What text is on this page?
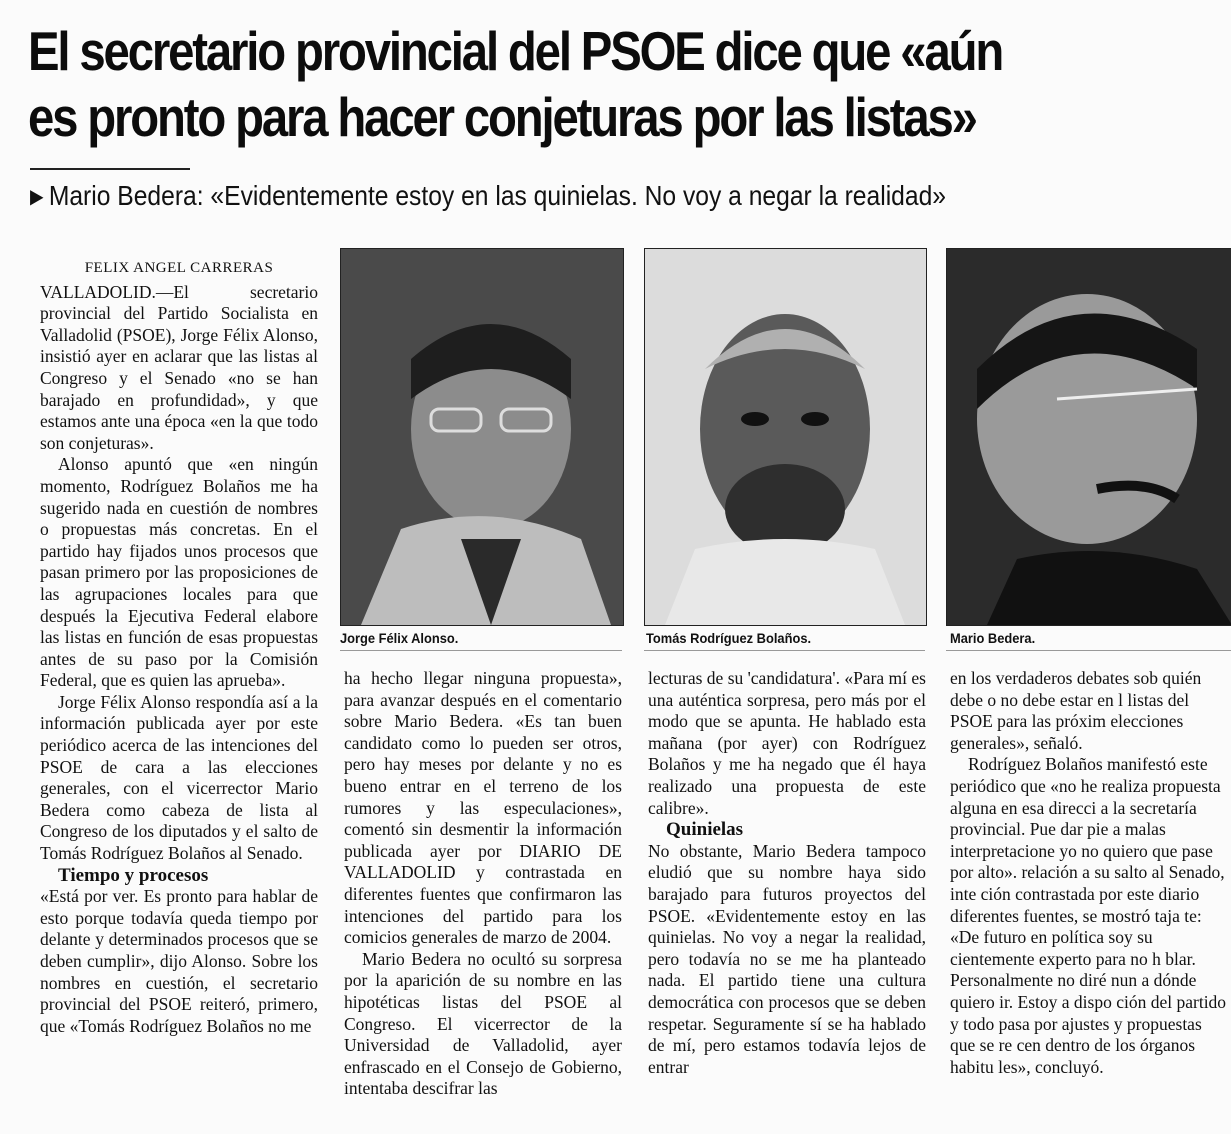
El secretario provincial del PSOE dice que «aún
es pronto para hacer conjeturas por las listas»
▶ Mario Bedera: «Evidentemente estoy en las quinielas. No voy a negar la realidad»
FELIX ANGEL CARRERAS

VALLADOLID.—El secretario provincial del Partido Socialista en Valladolid (PSOE), Jorge Félix Alonso, insistió ayer en aclarar que las listas al Congreso y el Senado «no se han barajado en profundidad», y que estamos ante una época «en la que todo son conjeturas».

Alonso apuntó que «en ningún momento, Rodríguez Bolaños me ha sugerido nada en cuestión de nombres o propuestas más concretas. En el partido hay fijados unos procesos que pasan primero por las proposiciones de las agrupaciones locales para que después la Ejecutiva Federal elabore las listas en función de esas propuestas antes de su paso por la Comisión Federal, que es quien las aprueba».

Jorge Félix Alonso respondía así a la información publicada ayer por este periódico acerca de las intenciones del PSOE de cara a las elecciones generales, con el vicerrector Mario Bedera como cabeza de lista al Congreso de los diputados y el salto de Tomás Rodríguez Bolaños al Senado.

Tiempo y procesos

«Está por ver. Es pronto para hablar de esto porque todavía queda tiempo por delante y determinados procesos que se deben cumplir», dijo Alonso. Sobre los nombres en cuestión, el secretario provincial del PSOE reiteró, primero, que «Tomás Rodríguez Bolaños no me

Jorge Félix Alonso.	Tomás Rodríguez Bolaños.	Mario Bedera.

ha hecho llegar ninguna propuesta», para avanzar después en el comentario sobre Mario Bedera. «Es tan buen candidato como lo pueden ser otros, pero hay meses por delante y no es bueno entrar en el terreno de los rumores y las especulaciones», comentó sin desmentir la información publicada ayer por DIARIO DE VALLADOLID y contrastada en diferentes fuentes que confirmaron las intenciones del partido para los comicios generales de marzo de 2004.

Mario Bedera no ocultó su sorpresa por la aparición de su nombre en las hipotéticas listas del PSOE al Congreso. El vicerrector de la Universidad de Valladolid, ayer enfrascado en el Consejo de Gobierno, intentaba descifrar las

lecturas de su 'candidatura'. «Para mí es una auténtica sorpresa, pero más por el modo que se apunta. He hablado esta mañana (por ayer) con Rodríguez Bolaños y me ha negado que él haya realizado una propuesta de este calibre».

Quinielas

No obstante, Mario Bedera tampoco eludió que su nombre haya sido barajado para futuros proyectos del PSOE. «Evidentemente estoy en las quinielas. No voy a negar la realidad, pero todavía no se me ha planteado nada. El partido tiene una cultura democrática con procesos que se deben respetar. Seguramente sí se ha hablado de mí, pero estamos todavía lejos de entrar

en los verdaderos debates sob quién debe o no debe estar en l listas del PSOE para las próxim elecciones generales», señaló.

Rodríguez Bolaños manifestó este periódico que «no he realiza propuesta alguna en esa direcci a la secretaría provincial. Pue dar pie a malas interpretacione yo no quiero que pase por alto». relación a su salto al Senado, inte ción contrastada por este diario diferentes fuentes, se mostró taja te: «De futuro en política soy su cientemente experto para no h blar. Personalmente no diré nun a dónde quiero ir. Estoy a dispo ción del partido y todo pasa por ajustes y propuestas que se re cen dentro de los órganos habitu les», concluyó.
